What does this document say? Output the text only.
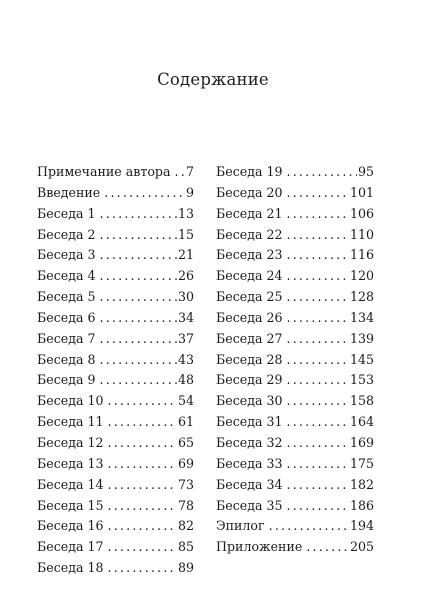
Содержание
Примечание автора ..... 7
Введение .....	9
Беседа 1 .....	13
Беседа 2 .....	15
Беседа 3 .....	21
Беседа 4 .....	26
Беседа 5 .....	30
Беседа 6 .....	34
Беседа 7 .....	37
Беседа 8 .....	43
Беседа 9 .....	48
Беседа 10 .....	54
Беседа 11 .....	61
Беседа 12 .....	65
Беседа 13 .....	69
Беседа 14 .....	73
Беседа 15 .....	78
Беседа 16 .....	82
Беседа 17 .....	85
Беседа 18 .....	89
Беседа 19 .....	95
Беседа 20 .....	101
Беседа 21 .....	106
Беседа 22 .....	110
Беседа 23 .....	116
Беседа 24 .....	120
Беседа 25 .....	128
Беседа 26 .....	134
Беседа 27 .....	139
Беседа 28 .....	145
Беседа 29 .....	153
Беседа 30 .....	158
Беседа 31 .....	164
Беседа 32 .....	169
Беседа 33 .....	175
Беседа 34 .....	182
Беседа 35 .....	186
Эпилог .....	194
Приложение .....	205
